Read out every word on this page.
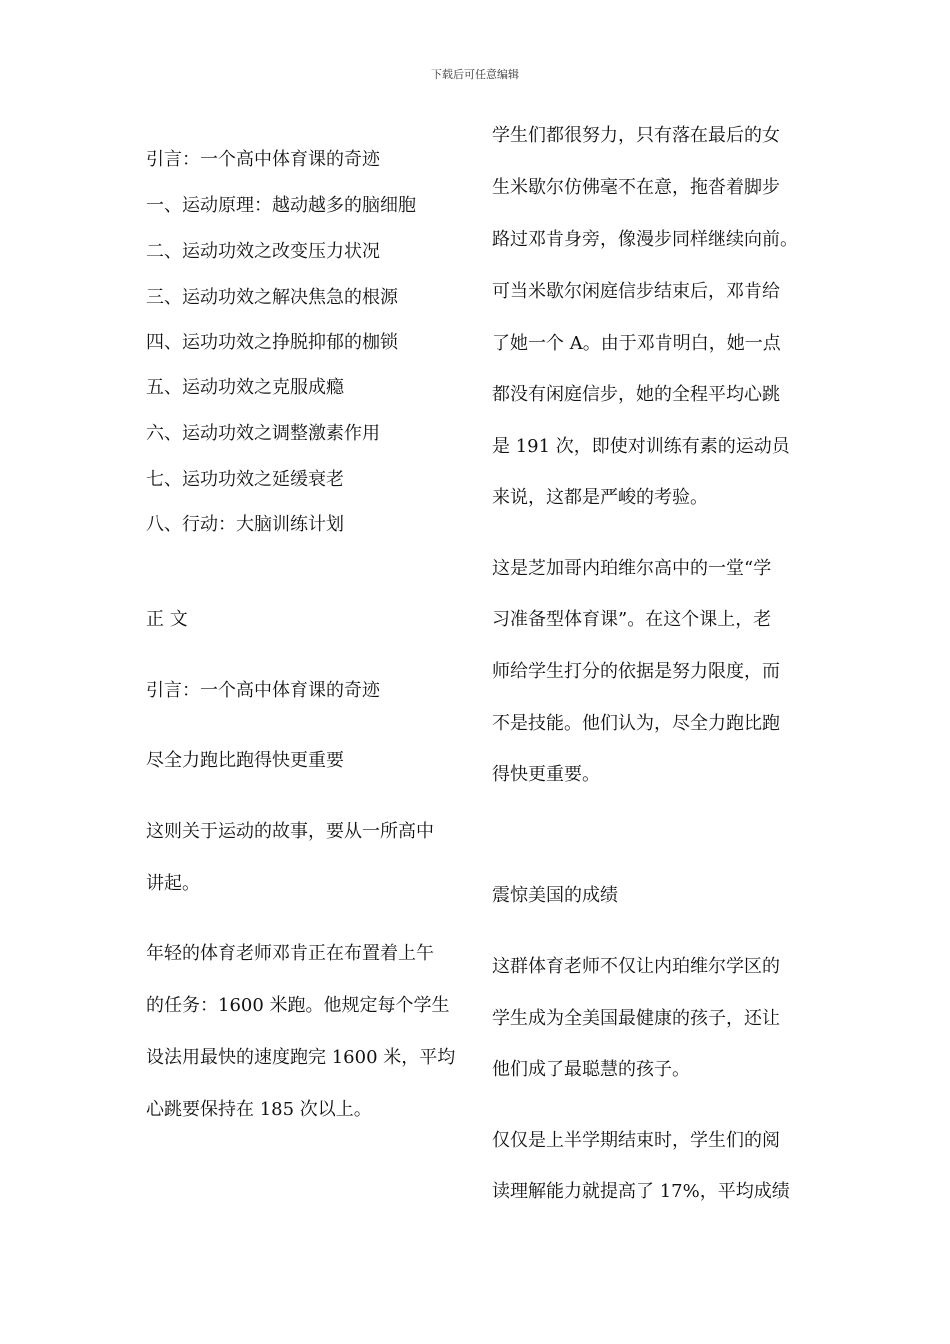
下载后可任意编辑
引言：一个高中体育课的奇迹
一、运动原理：越动越多的脑细胞
二、运动功效之改变压力状况
三、运动功效之解决焦急的根源
四、运功功效之挣脱抑郁的枷锁
五、运动功效之克服成瘾
六、运动功效之调整激素作用
七、运功功效之延缓衰老
八、行动：大脑训练计划
正 文
引言：一个高中体育课的奇迹
尽全力跑比跑得快更重要
这则关于运动的故事，要从一所高中
讲起。
年轻的体育老师邓肯正在布置着上午
的任务：1600 米跑。他规定每个学生
设法用最快的速度跑完 1600 米，平均
心跳要保持在 185 次以上。
学生们都很努力，只有落在最后的女
生米歇尔仿佛毫不在意，拖沓着脚步
路过邓肯身旁，像漫步同样继续向前。
可当米歇尔闲庭信步结束后，邓肯给
了她一个 A。由于邓肯明白，她一点
都没有闲庭信步，她的全程平均心跳
是 191 次，即使对训练有素的运动员
来说，这都是严峻的考验。
这是芝加哥内珀维尔高中的一堂“学
习准备型体育课”。在这个课上，老
师给学生打分的依据是努力限度，而
不是技能。他们认为，尽全力跑比跑
得快更重要。
震惊美国的成绩
这群体育老师不仅让内珀维尔学区的
学生成为全美国最健康的孩子，还让
他们成了最聪慧的孩子。
仅仅是上半学期结束时，学生们的阅
读理解能力就提高了 17%，平均成绩
